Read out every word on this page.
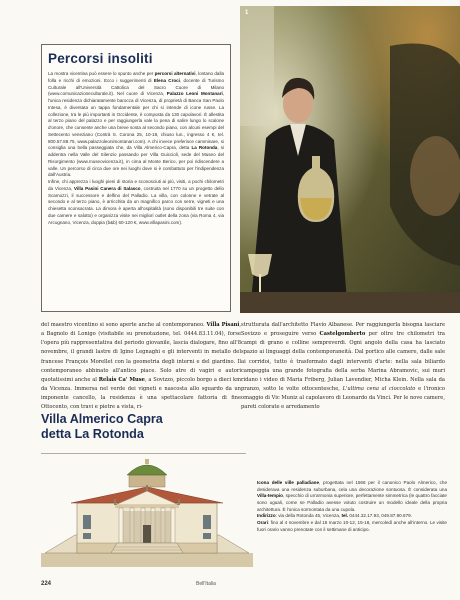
Percorsi insoliti

La mostra vicentina può essere lo spunto anche per percorsi alternativi, lontano dalla folla e ricchi di emozioni. Ecco i suggerimenti di Elena Croci, docente di Turismo Culturale all'Università Cattolica del Sacro Cuore di Milano (www.comunicazioneculturale.it). Nel cuore di Vicenza, Palazzo Leoni Montanari, l'unica residenza dichiaratamente barocca di Vicenza, di proprietà di Banca San Paolo Intesa, è diventata un tappa fondamentale per chi si intende di icone russe. La collezione, tra le più importanti in Occidente, è composta da 130 capolavori. È allestita al terzo piano del palazzo e per raggiungerla vale la pena di salire lungo lo scalone d'onore, che consente anche una breve sosta al secondo piano, con alcuni esempi del Settecento veneziano (Contrà S. Corona 25, 10-18, chiuso lun., ingresso 4 €, tel. 800.57.88.75, www.palazzoleonimontanari.com). A chi invece preferisce camminare, si consiglia una bella passeggiata che, da Villa Almerico-Capra, detta La Rotonda, si addentra nella Valle del Silenzio passando per Villa Guiccioli, sede del Museo del Risorgimento (www.museovicenza.it), in cima al Monte Berico, per poi ridiscendere a valle. Un percorso di circa due ore nei luoghi dove si è combattuto per l'indipendenza dall'Austria.

Infine, chi apprezza i luoghi pieni di storia e sconosciuti ai più, visiti, a pochi chilometri da Vicenza, Villa Pasini Canera di Salasco, costruita nel 1770 su un progetto dello Scamozzi, il successore e delfino del Palladio. La villa, con colonne e vetrate al secondo e al terzo piano, è arricchita da un magnifico parco con serre, vigneti e una chiesetta sconsacrata. La dimora è aperta all'ospitalità (sono disponibili tre suite con due camere e salotto) e organizza visite nei migliori outlet della zona (via Roma 4, via Arcugnano, Vicenza, doppia (b&b) 60-120 €, www.villapasini.com).

1

del maestro vicentino si sono aperte anche al contemporaneo. Villa Pisani, a Bagnolo di Lonigo (visitabile su prenotazione, tel. 0444.83.11.04), forse l'opera più rappresentativa del periodo giovanile, lascia dialogare, fino all'8 novembre, il grandi lastre di Igino Legnaghi e gli interventi in metallo del francese François Morellet con la geometria degli interni e del giardino. Il contemporaneo abbinato all'antico piace. Solo atre di vagiri e autori quotatissimi anche al Relais Ca' Muse, a Sovizzo, piccolo borgo a dieci km da Vicenza. Immersa nel verde dei vigneti e nascosta allo sguardo da un imponente cancello, la residenza è una spettacolare fattoria di fine Ottocento, con travi e pietre a vista, ri-

strutturata dall'architetto Flavio Albanese. Per raggiungerla bisogna lasciare Sovizzo e proseguire verso Castelgomberto per oltre tre chilometri tra campi di grano e colline sempreverdi. Ogni angolo della casa ha lasciato spazio ai linguaggi della contemporaneità. Dal portico alle camere, dalle sale ai corridoi, tutto è trasformato dagli interventi d'arte: nella sala biliardo campeggia una grande fotografia della serba Marina Abramovic, sui muri ridano i video di Maria Friberg, Julian Lavendier, Micha Klein. Nella sala da pranzo, sotto le volte ottocentesche, L'ultima cena al cioccolato e l'ironico omaggio di Vic Muniz al capolavoro di Leonardo da Vinci. Per le nove camere, pareti colorate e arredamento

Villa Almerico Capra
detta La Rotonda

Icona delle ville palladiane, progettata nel 1566 per il canonico Paolo Almerico, che desiderava una residenza suburbana, cela una decorazione sontuosa. È considerata una Villa-tempio, specchio di un'armonia superiore, perfettamente simmetrica (le quattro facciate sono uguali, come se Palladio avesse voluto costruire un modello ideale della propria architettura. È l'unica sormontata da una cupola.
Indirizzo: via della Rotonda 45, Vicenza, tel. 0444.32.17.93, 049.87.90.879.
Orari: fino al 4 novembre e dal 15 marzo 10-12, 15-18, mercoledì anche all'interno. Le visite fuori orario vanno prenotate con il settimane di anticipo.

224	Bell'Italia
